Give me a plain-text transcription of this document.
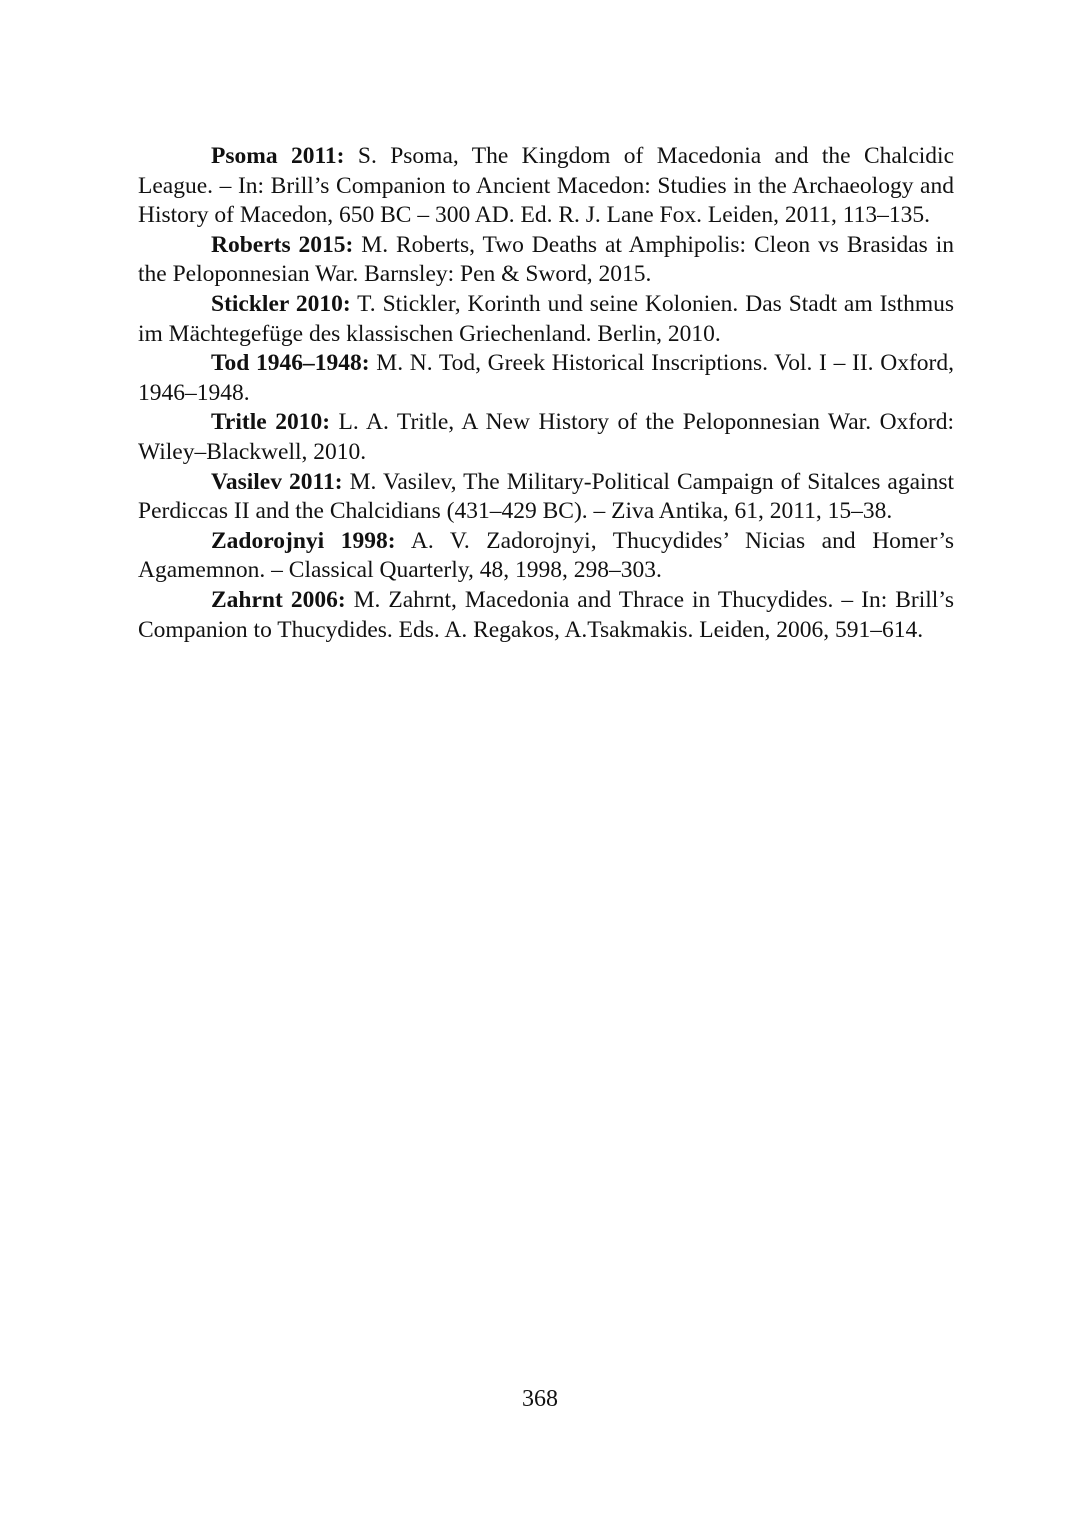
Psoma 2011: S. Psoma, The Kingdom of Macedonia and the Chalcidic League. – In: Brill’s Companion to Ancient Macedon: Studies in the Archaeology and History of Macedon, 650 BC – 300 AD. Ed. R. J. Lane Fox. Leiden, 2011, 113–135.

Roberts 2015: M. Roberts, Two Deaths at Amphipolis: Cleon vs Brasidas in the Peloponnesian War. Barnsley: Pen & Sword, 2015.

Stickler 2010: T. Stickler, Korinth und seine Kolonien. Das Stadt am Isthmus im Mächtegefüge des klassischen Griechenland. Berlin, 2010.

Tod 1946–1948: M. N. Tod, Greek Historical Inscriptions. Vol. I – II. Oxford, 1946–1948.

Tritle 2010: L. A. Tritle, A New History of the Peloponnesian War. Oxford: Wiley–Blackwell, 2010.

Vasilev 2011: M. Vasilev, The Military-Political Campaign of Sitalces against Perdiccas II and the Chalcidians (431–429 BC). – Ziva Antika, 61, 2011, 15–38.

Zadorojnyi 1998: A. V. Zadorojnyi, Thucydides’ Nicias and Homer’s Agamemnon. – Classical Quarterly, 48, 1998, 298–303.

Zahrnt 2006: M. Zahrnt, Macedonia and Thrace in Thucydides. – In: Brill’s Companion to Thucydides. Eds. A. Regakos, A.Tsakmakis. Leiden, 2006, 591–614.

368
